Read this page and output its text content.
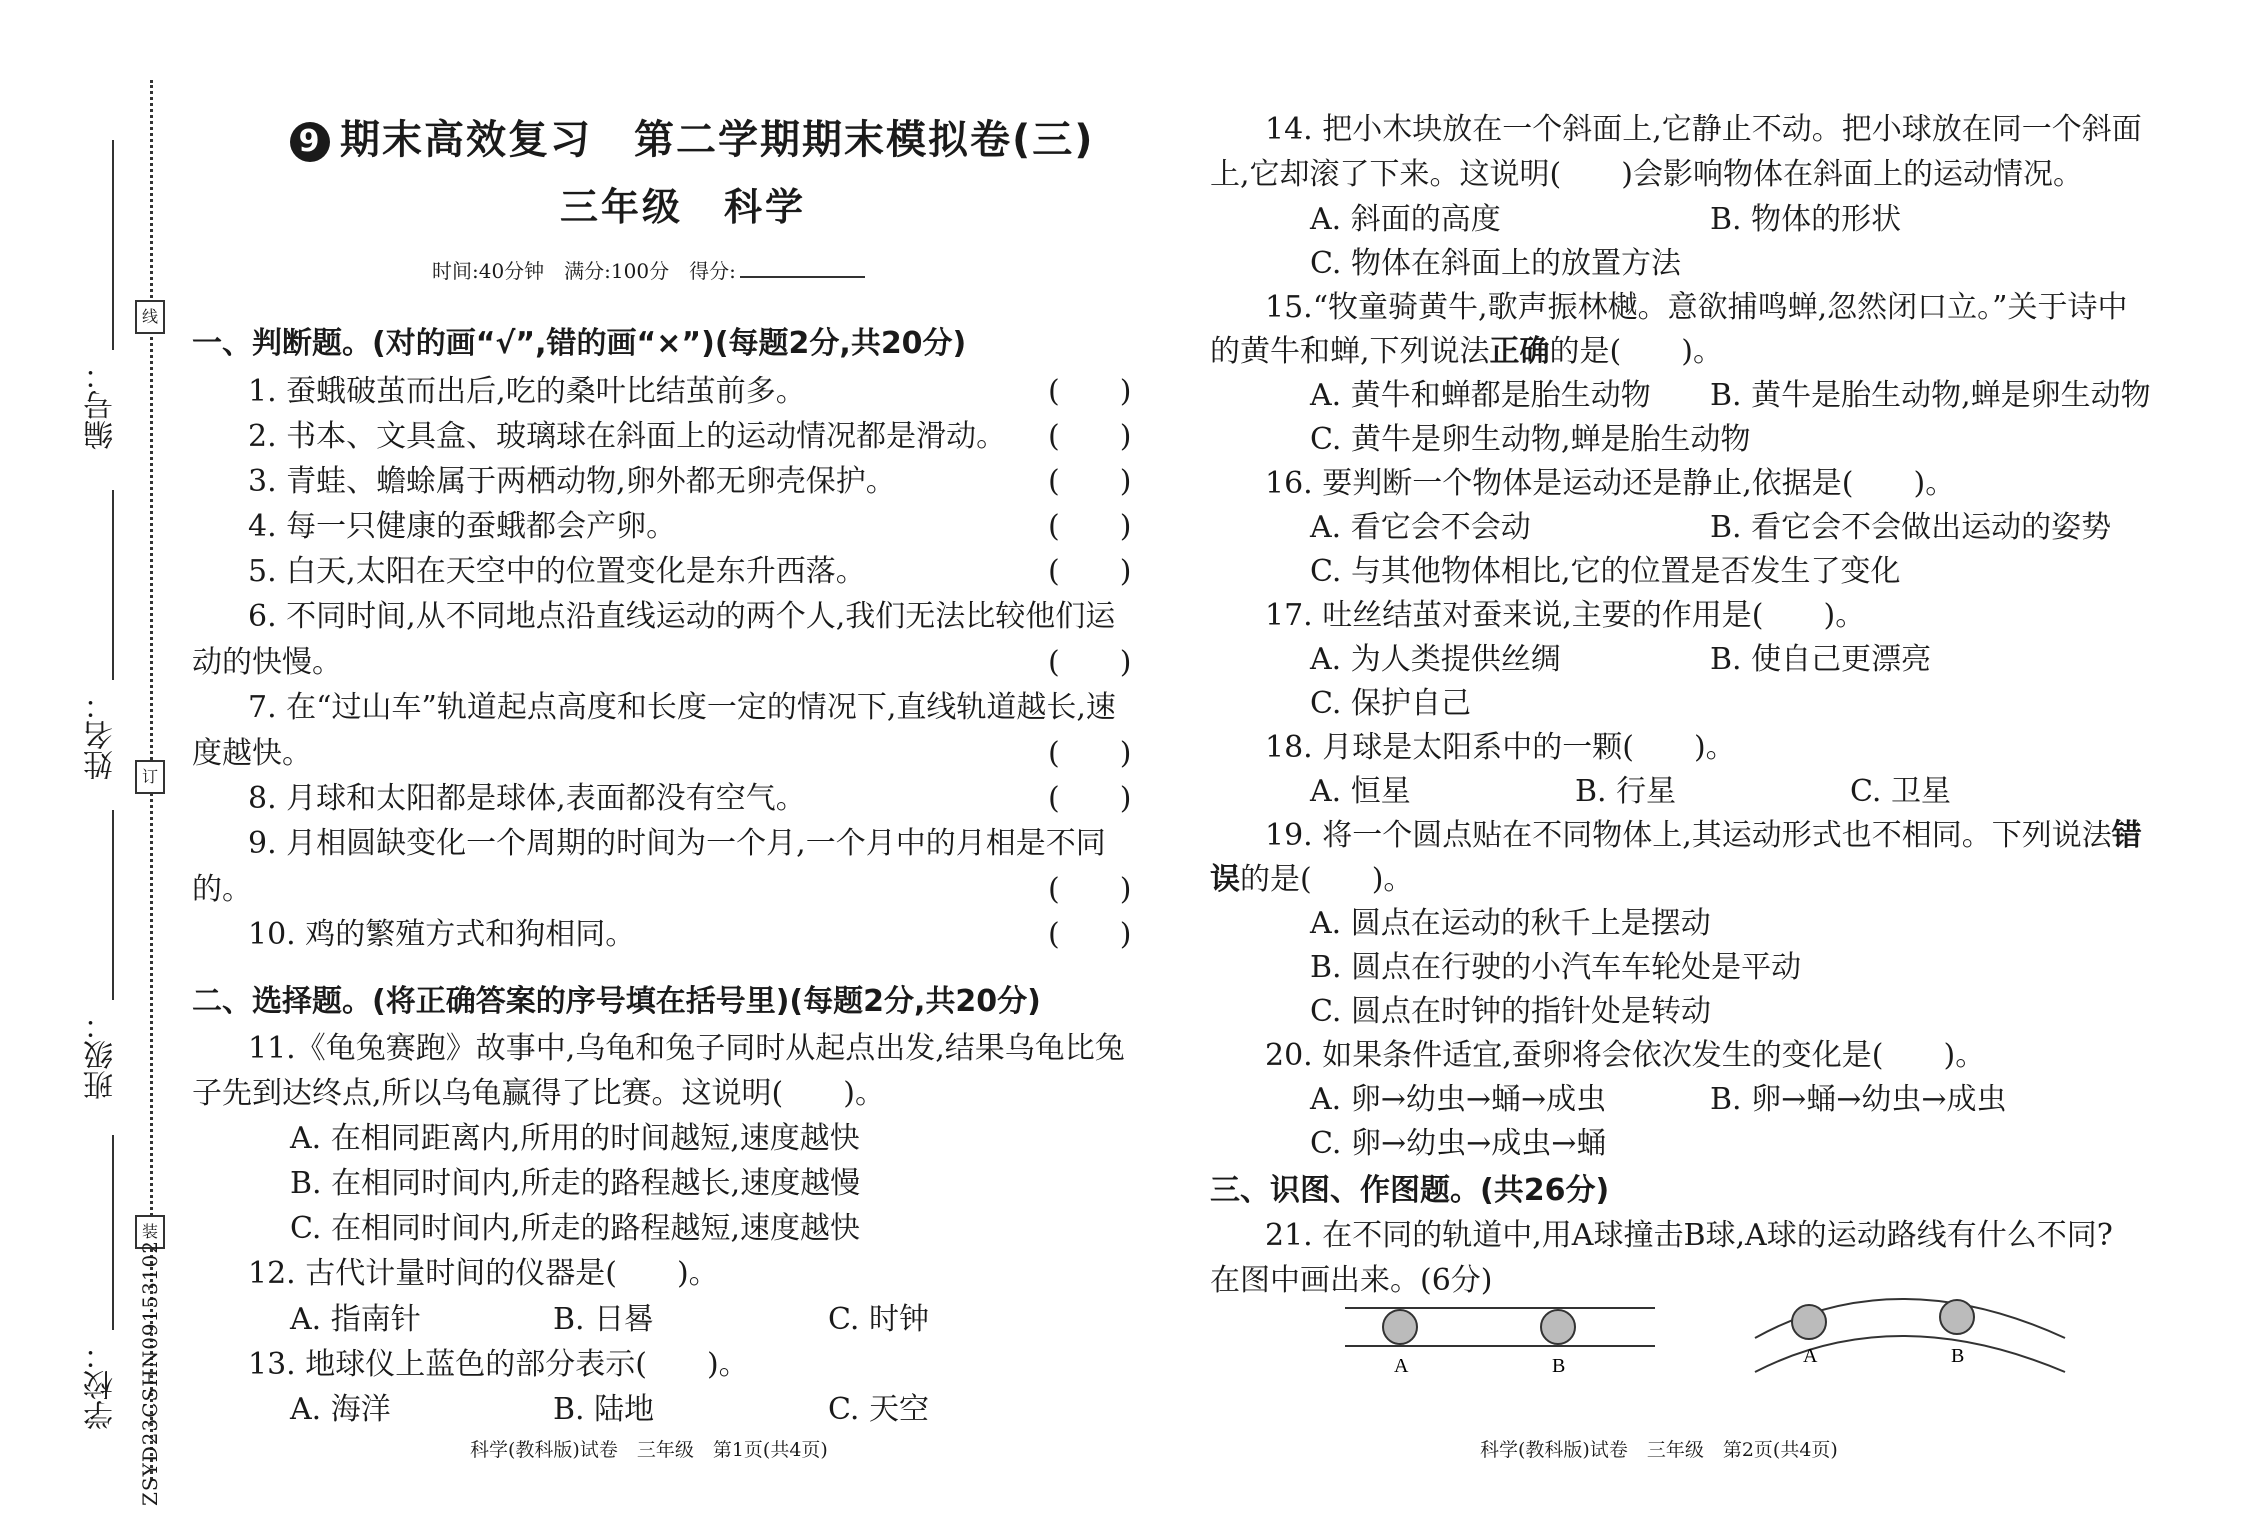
线
订
装
编号：
姓名：
班级：
学校： ZSYD23CSHN09153102
9 期末高效复习　第二学期期末模拟卷(三)
三年级　科学
时间:40分钟　满分:100分　得分:
一、判断题。(对的画“√”,错的画“×”)(每题2分,共20分)
1. 蚕蛾破茧而出后,吃的桑叶比结茧前多。	(　　)
2. 书本、文具盒、玻璃球在斜面上的运动情况都是滑动。 (　　)
3. 青蛙、蟾蜍属于两栖动物,卵外都无卵壳保护。	(　　)
4. 每一只健康的蚕蛾都会产卵。	(　　)
5. 白天,太阳在天空中的位置变化是东升西落。	(　　)
6. 不同时间,从不同地点沿直线运动的两个人,我们无法比较他们运
动的快慢。	(　　)
7. 在“过山车”轨道起点高度和长度一定的情况下,直线轨道越长,速
度越快。	(　　)
8. 月球和太阳都是球体,表面都没有空气。	(　　)
9. 月相圆缺变化一个周期的时间为一个月,一个月中的月相是不同
的。	(　　)
10. 鸡的繁殖方式和狗相同。	(　　)
二、选择题。(将正确答案的序号填在括号里)(每题2分,共20分)
11.《龟兔赛跑》故事中,乌龟和兔子同时从起点出发,结果乌龟比兔
子先到达终点,所以乌龟赢得了比赛。这说明(　　)。
A. 在相同距离内,所用的时间越短,速度越快
B. 在相同时间内,所走的路程越长,速度越慢
C. 在相同时间内,所走的路程越短,速度越快
12. 古代计量时间的仪器是(　　)。
A. 指南针	B. 日晷	C. 时钟
13. 地球仪上蓝色的部分表示(　　)。
A. 海洋	B. 陆地	C. 天空
科学(教科版)试卷　三年级　第1页(共4页)
14. 把小木块放在一个斜面上,它静止不动。把小球放在同一个斜面
上,它却滚了下来。这说明(　　)会影响物体在斜面上的运动情况。
A. 斜面的高度	B. 物体的形状
C. 物体在斜面上的放置方法
15.“牧童骑黄牛,歌声振林樾。意欲捕鸣蝉,忽然闭口立。”关于诗中
的黄牛和蝉,下列说法正确的是(　　)。
A. 黄牛和蝉都是胎生动物 B. 黄牛是胎生动物,蝉是卵生动物
C. 黄牛是卵生动物,蝉是胎生动物
16. 要判断一个物体是运动还是静止,依据是(　　)。
A. 看它会不会动	B. 看它会不会做出运动的姿势
C. 与其他物体相比,它的位置是否发生了变化
17. 吐丝结茧对蚕来说,主要的作用是(　　)。
A. 为人类提供丝绸	B. 使自己更漂亮
C. 保护自己
18. 月球是太阳系中的一颗(　　)。
A. 恒星	B. 行星	C. 卫星
19. 将一个圆点贴在不同物体上,其运动形式也不相同。下列说法错
误的是(　　)。
A. 圆点在运动的秋千上是摆动
B. 圆点在行驶的小汽车车轮处是平动
C. 圆点在时钟的指针处是转动
20. 如果条件适宜,蚕卵将会依次发生的变化是(　　)。
A. 卵→幼虫→蛹→成虫	B. 卵→蛹→幼虫→成虫
C. 卵→幼虫→成虫→蛹
三、识图、作图题。(共26分)
21. 在不同的轨道中,用A球撞击B球,A球的运动路线有什么不同?
在图中画出来。(6分)
A	B	A	B
科学(教科版)试卷　三年级　第2页(共4页)
